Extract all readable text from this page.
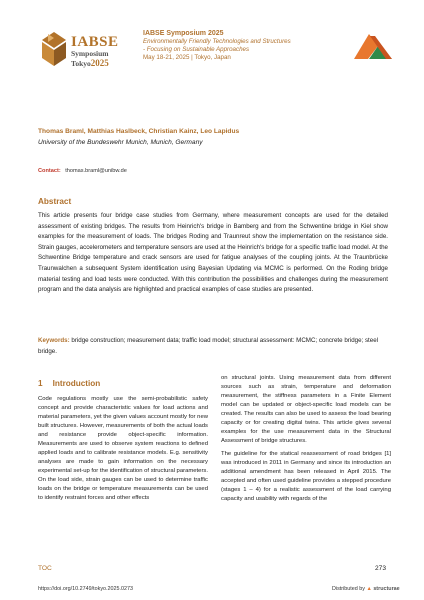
IABSE
Symposium
Tokyo2025
IABSE Symposium 2025
Environmentally Friendly Technologies and Structures
- Focusing on Sustainable Approaches
May 18-21, 2025 | Tokyo, Japan
Thomas Braml, Matthias Haslbeck, Christian Kainz, Leo Lapidus
University of the Bundeswehr Munich, Munich, Germany
Contact: thomas.braml@unibw.de
Abstract

This article presents four bridge case studies from Germany, where measurement concepts are used for the detailed assessment of existing bridges. The results from Heinrich's bridge in Bamberg and from the Schwentine bridge in Kiel show examples for the measurement of loads. The bridges Roding and Traunreut show the implementation on the resistance side. Strain gauges, accelerometers and temperature sensors are used at the Heinrich's bridge for a specific traffic load model. At the Schwentine Bridge temperature and crack sensors are used for fatigue analyses of the coupling joints. At the Traunbrücke Traunwalchen a subsequent System identification using Bayesian Updating via MCMC is performed. On the Roding bridge material testing and load tests were conducted. With this contribution the possibilities and challenges during the measurement program and the data analysis are highlighted and practical examples of case studies are presented.

Keywords: bridge construction; measurement data; traffic load model; structural assessment: MCMC; concrete bridge; steel bridge.

1 Introduction

Code regulations mostly use the semi-probabilistic safety concept and provide characteristic values for load actions and material parameters, yet the given values account mostly for new built structures. However, measurements of both the actual loads and resistance provide object-specific information. Measurements are used to observe system reactions to defined applied loads and to calibrate resistance models. E.g. sensitivity analyses are made to gain information on the necessary experimental set-up for the identification of structural parameters. On the load side, strain gauges can be used to determine traffic loads on the bridge or temperature measurements can be used to identify restraint forces and other effects

on structural joints. Using measurement data from different sources such as strain, temperature and deformation measurement, the stiffness parameters in a Finite Element model can be updated or object-specific load models can be created. The results can also be used to assess the load bearing capacity or for creating digital twins. This article gives several examples for the use measurement data in the Structural Assessment of bridge structures.

The guideline for the statical reassessment of road bridges [1] was introduced in 2011 in Germany and since its introduction an additional amendment has been released in April 2015. The accepted and often used guideline provides a stepped procedure (stages 1 – 4) for a realistic assessment of the load carrying capacity and usability with regards of the

TOC	273
https://doi.org/10.2749/tokyo.2025.0273	Distributed by ▲ structurae
